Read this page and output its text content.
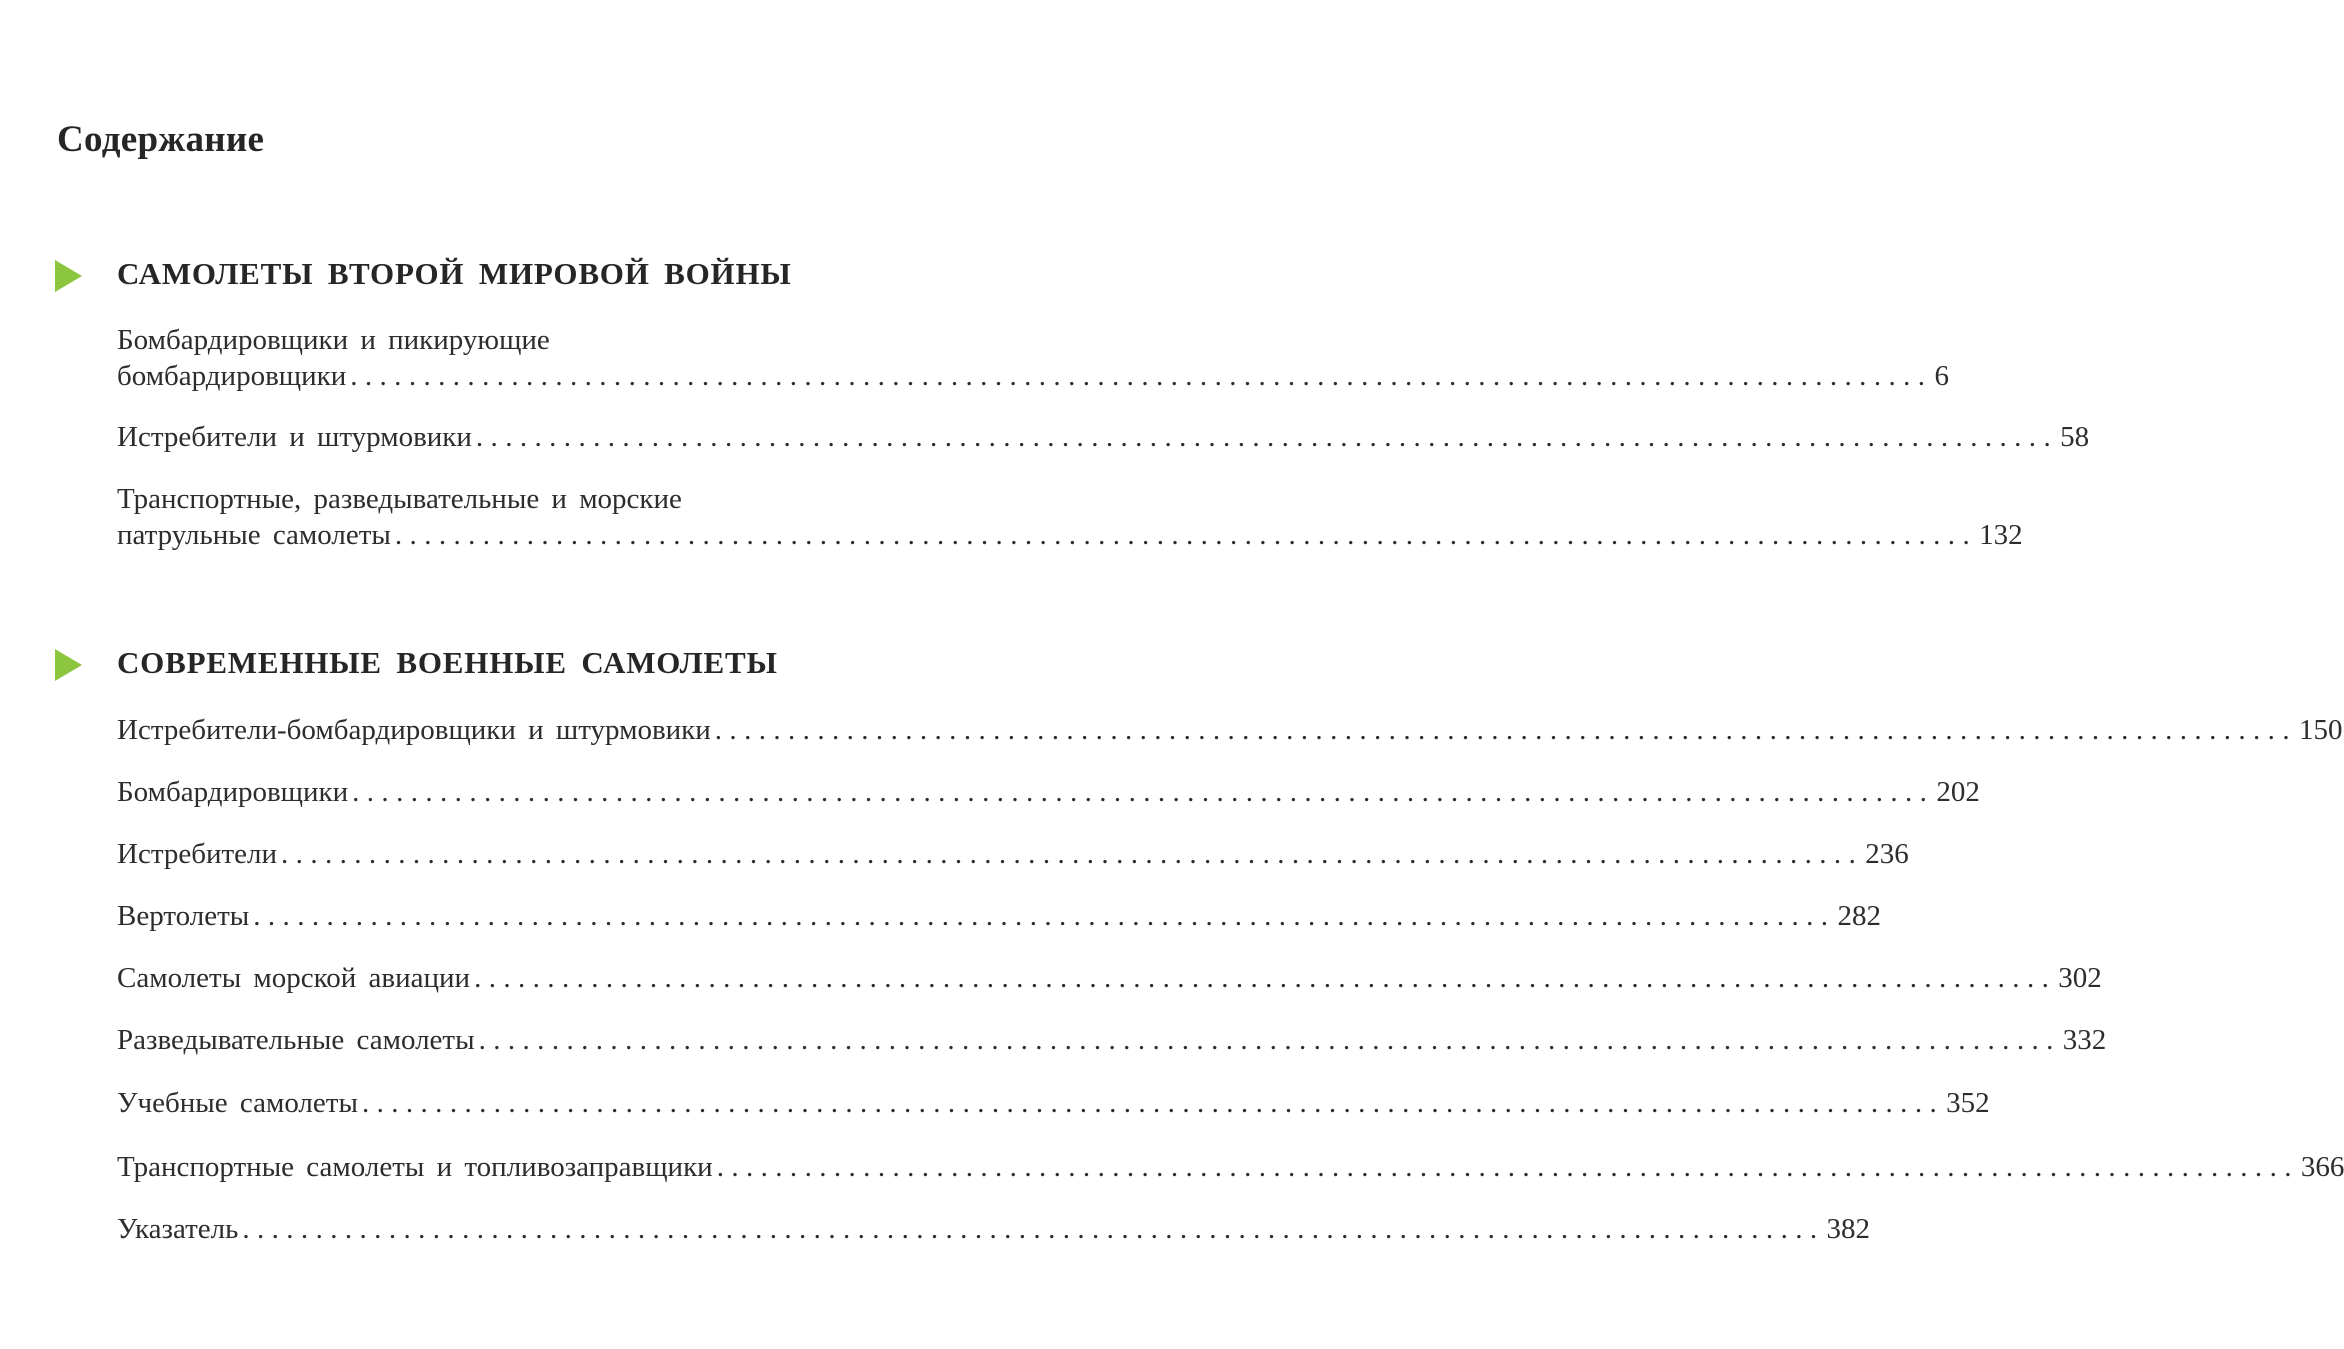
Содержание
САМОЛЕТЫ ВТОРОЙ МИРОВОЙ ВОЙНЫ
Бомбардировщики и пикирующие
бомбардировщики ............................................................................................................ 6
Истребители и штурмовики ............................................................................................................ 58
Транспортные, разведывательные и морские
патрульные самолеты ............................................................................................................ 132
СОВРЕМЕННЫЕ ВОЕННЫЕ САМОЛЕТЫ
Истребители-бомбардировщики и штурмовики ............................................................................................................ 150
Бомбардировщики ............................................................................................................ 202
Истребители ............................................................................................................ 236
Вертолеты ............................................................................................................ 282
Самолеты морской авиации ............................................................................................................ 302
Разведывательные самолеты ............................................................................................................ 332
Учебные самолеты ............................................................................................................ 352
Транспортные самолеты и топливозаправщики ............................................................................................................ 366
Указатель ............................................................................................................ 382
